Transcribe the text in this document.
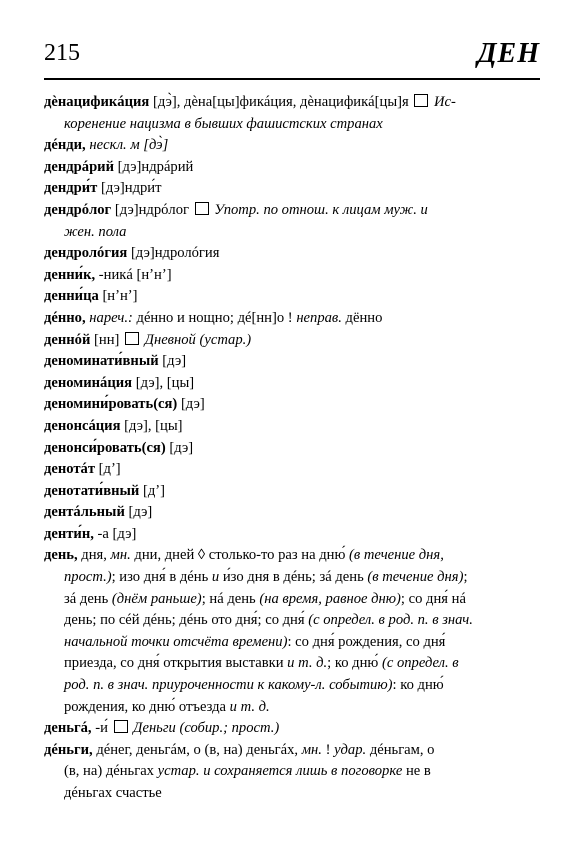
215	ДЕН
дѐнацификáция [дэ̀], дѐна[цы]фикáция, дѐнацификá[цы]я  Ис-
коренение нацизма в бывших фашистских странах
дéнди, неcкл. м [дэ̀]
дендрáрий [дэ]ндрáрий
дендри́т [дэ]ндри́т
дендрóлог [дэ]ндрóлог  Употр. по отнош. к лицам муж. и
жен. пола
дендролóгия [дэ]ндролóгия
денни́к, -никá [нʼнʼ]
денни́ца [нʼнʼ]
дéнно, нареч.: дéнно и нощно; дé[нн]о ! неправ. дённо
деннóй [нн]  Дневной (устар.)
деноминати́вный [дэ]
деноминáция [дэ], [цы]
деномини́ровать(ся) [дэ]
денонсáция [дэ], [цы]
денонси́ровать(ся) [дэ]
денотáт [дʼ]
денотати́вный [дʼ]
дентáльный [дэ]
денти́н, -а [дэ]
день, дня, мн. дни, дней ◊ столько-то раз на дню́ (в течение дня,
прост.); изо дня́ в дéнь и и́зо дня в дéнь; зá день (в течение дня);
зá день (днём раньше); нá день (на время, равное дню); со дня́ нá
день; по сéй дéнь; дéнь ото дня́; со дня́ (с определ. в род. п. в знач.
начальной точки отсчёта времени): со дня́ рождения, со дня́
приезда, со дня́ открытия выставки и т. д.; ко дню́ (с определ. в
род. п. в знач. приуроченности к какому-л. событию): ко дню́
рождения, ко дню́ отъезда и т. д.
деньгá, -и́  Деньги (собир.; прост.)
дéньги, дéнег, деньгáм, о (в, на) деньгáх, мн. ! удар. дéньгам, о
(в, на) дéньгах устар. и сохраняется лишь в поговорке не в
дéньгах счастье
